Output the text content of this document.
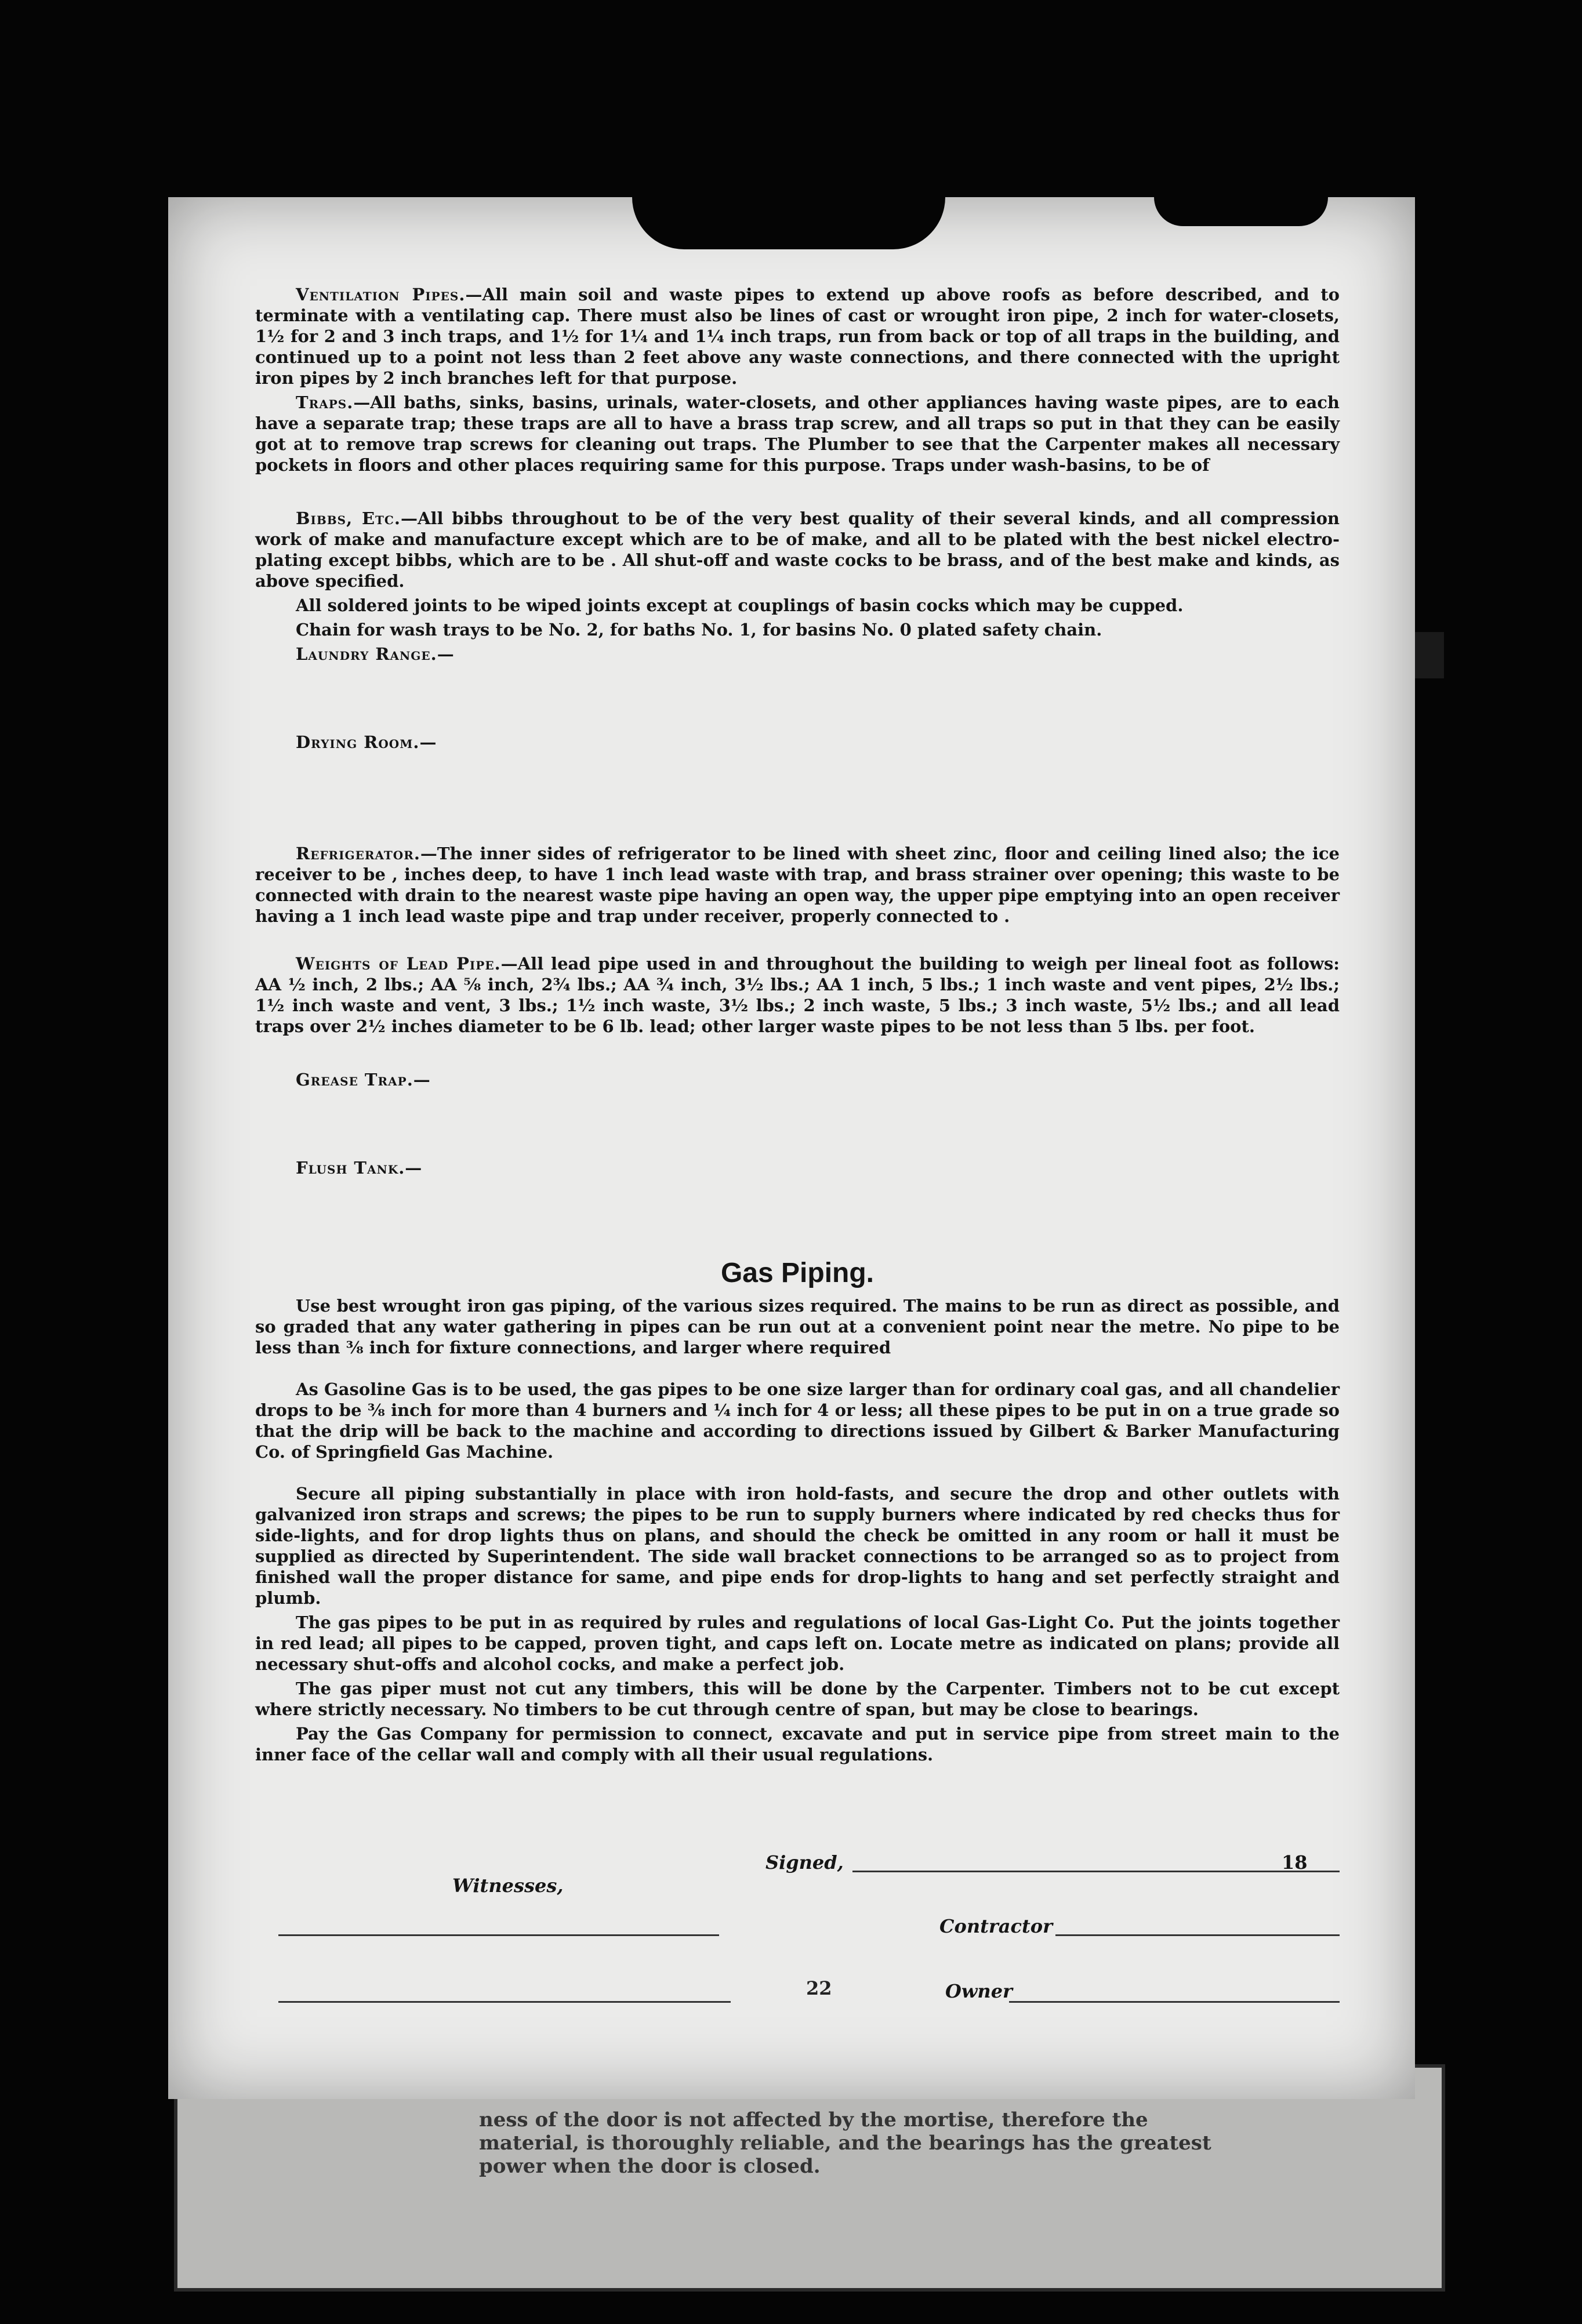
ness of the door is not affected by the mortise, therefore the material, is thoroughly reliable, and the bearings has the greatest power when the door is closed.

Ventilation Pipes.—All main soil and waste pipes to extend up above roofs as before described, and to terminate with a ventilating cap. There must also be lines of cast or wrought iron pipe, 2 inch for water-closets, 1½ for 2 and 3 inch traps, and 1½ for 1¼ and 1¼ inch traps, run from back or top of all traps in the building, and continued up to a point not less than 2 feet above any waste connections, and there connected with the upright iron pipes by 2 inch branches left for that purpose.

Traps.—All baths, sinks, basins, urinals, water-closets, and other appliances having waste pipes, are to each have a separate trap; these traps are all to have a brass trap screw, and all traps so put in that they can be easily got at to remove trap screws for cleaning out traps. The Plumber to see that the Carpenter makes all necessary pockets in floors and other places requiring same for this purpose. Traps under wash-basins, to be of

Bibbs, Etc.—All bibbs throughout to be of the very best quality of their several kinds, and all compression work of make and manufacture except which are to be of make, and all to be plated with the best nickel electro-plating except bibbs, which are to be . All shut-off and waste cocks to be brass, and of the best make and kinds, as above specified.

All soldered joints to be wiped joints except at couplings of basin cocks which may be cupped.

Chain for wash trays to be No. 2, for baths No. 1, for basins No. 0 plated safety chain.

Laundry Range.—

Drying Room.—

Refrigerator.—The inner sides of refrigerator to be lined with sheet zinc, floor and ceiling lined also; the ice receiver to be , inches deep, to have 1 inch lead waste with trap, and brass strainer over opening; this waste to be connected with drain to the nearest waste pipe having an open way, the upper pipe emptying into an open receiver having a 1 inch lead waste pipe and trap under receiver, properly connected to .

Weights of Lead Pipe.—All lead pipe used in and throughout the building to weigh per lineal foot as follows: AA ½ inch, 2 lbs.; AA ⅝ inch, 2¾ lbs.; AA ¾ inch, 3½ lbs.; AA 1 inch, 5 lbs.; 1 inch waste and vent pipes, 2½ lbs.; 1½ inch waste and vent, 3 lbs.; 1½ inch waste, 3½ lbs.; 2 inch waste, 5 lbs.; 3 inch waste, 5½ lbs.; and all lead traps over 2½ inches diameter to be 6 lb. lead; other larger waste pipes to be not less than 5 lbs. per foot.

Grease Trap.—

Flush Tank.—

Gas Piping.

Use best wrought iron gas piping, of the various sizes required. The mains to be run as direct as possible, and so graded that any water gathering in pipes can be run out at a convenient point near the metre. No pipe to be less than ⅜ inch for fixture connections, and larger where required

As Gasoline Gas is to be used, the gas pipes to be one size larger than for ordinary coal gas, and all chandelier drops to be ⅜ inch for more than 4 burners and ¼ inch for 4 or less; all these pipes to be put in on a true grade so that the drip will be back to the machine and according to directions issued by Gilbert & Barker Manufacturing Co. of Springfield Gas Machine.

Secure all piping substantially in place with iron hold-fasts, and secure the drop and other outlets with galvanized iron straps and screws; the pipes to be run to supply burners where indicated by red checks thus for side-lights, and for drop lights thus on plans, and should the check be omitted in any room or hall it must be supplied as directed by Superintendent. The side wall bracket connections to be arranged so as to project from finished wall the proper distance for same, and pipe ends for drop-lights to hang and set perfectly straight and plumb.

The gas pipes to be put in as required by rules and regulations of local Gas-Light Co. Put the joints together in red lead; all pipes to be capped, proven tight, and caps left on. Locate metre as indicated on plans; provide all necessary shut-offs and alcohol cocks, and make a perfect job.

The gas piper must not cut any timbers, this will be done by the Carpenter. Timbers not to be cut except where strictly necessary. No timbers to be cut through centre of span, but may be close to bearings.

Pay the Gas Company for permission to connect, excavate and put in service pipe from street main to the inner face of the cellar wall and comply with all their usual regulations.

Signed,	18
Witnesses,
Contractor
Owner
22
